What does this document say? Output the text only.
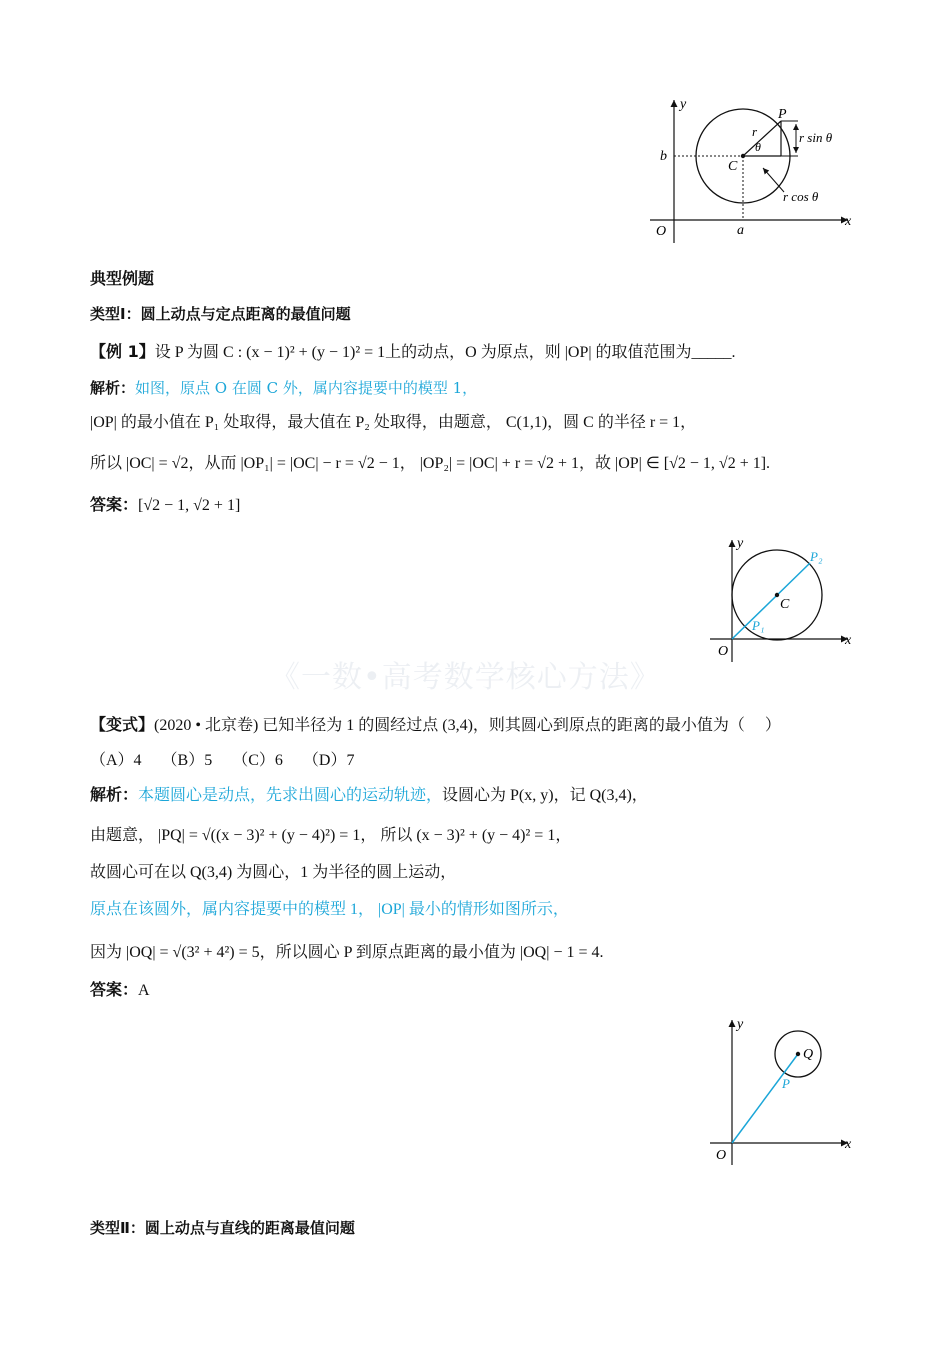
y
x
O
b
a
P
C
r
θ
r sin θ
r cos θ
典型例题
类型Ⅰ：圆上动点与定点距离的最值问题
【例 1】设 P 为圆 C : (x − 1)² + (y − 1)² = 1上的动点，O 为原点，则 |OP| 的取值范围为_____.
解析：如图，原点 O 在圆 C 外，属内容提要中的模型 1，
|OP| 的最小值在 P₁ 处取得，最大值在 P₂ 处取得，由题意， C(1,1)，圆 C 的半径 r = 1，
所以 |OC| = √2，从而 |OP₁| = |OC| − r = √2 − 1， |OP₂| = |OC| + r = √2 + 1，故 |OP| ∈ [√2 − 1, √2 + 1].
答案：[√2 − 1, √2 + 1]
y
x
O
C
P₁
P₂
《一数•高考数学核心方法》
【变式】(2020 • 北京卷) 已知半径为 1 的圆经过点 (3,4)，则其圆心到原点的距离的最小值为（　 ）
（A）4　 （B）5　 （C）6　 （D）7
解析：本题圆心是动点，先求出圆心的运动轨迹，设圆心为 P(x, y)，记 Q(3,4)，
由题意， |PQ| = √((x − 3)² + (y − 4)²) = 1， 所以 (x − 3)² + (y − 4)² = 1，
故圆心可在以 Q(3,4) 为圆心，1 为半径的圆上运动，
原点在该圆外，属内容提要中的模型 1， |OP| 最小的情形如图所示，
因为 |OQ| = √(3² + 4²) = 5，所以圆心 P 到原点距离的最小值为 |OQ| − 1 = 4.
答案：A
y
x
O
Q
P
类型Ⅱ：圆上动点与直线的距离最值问题
